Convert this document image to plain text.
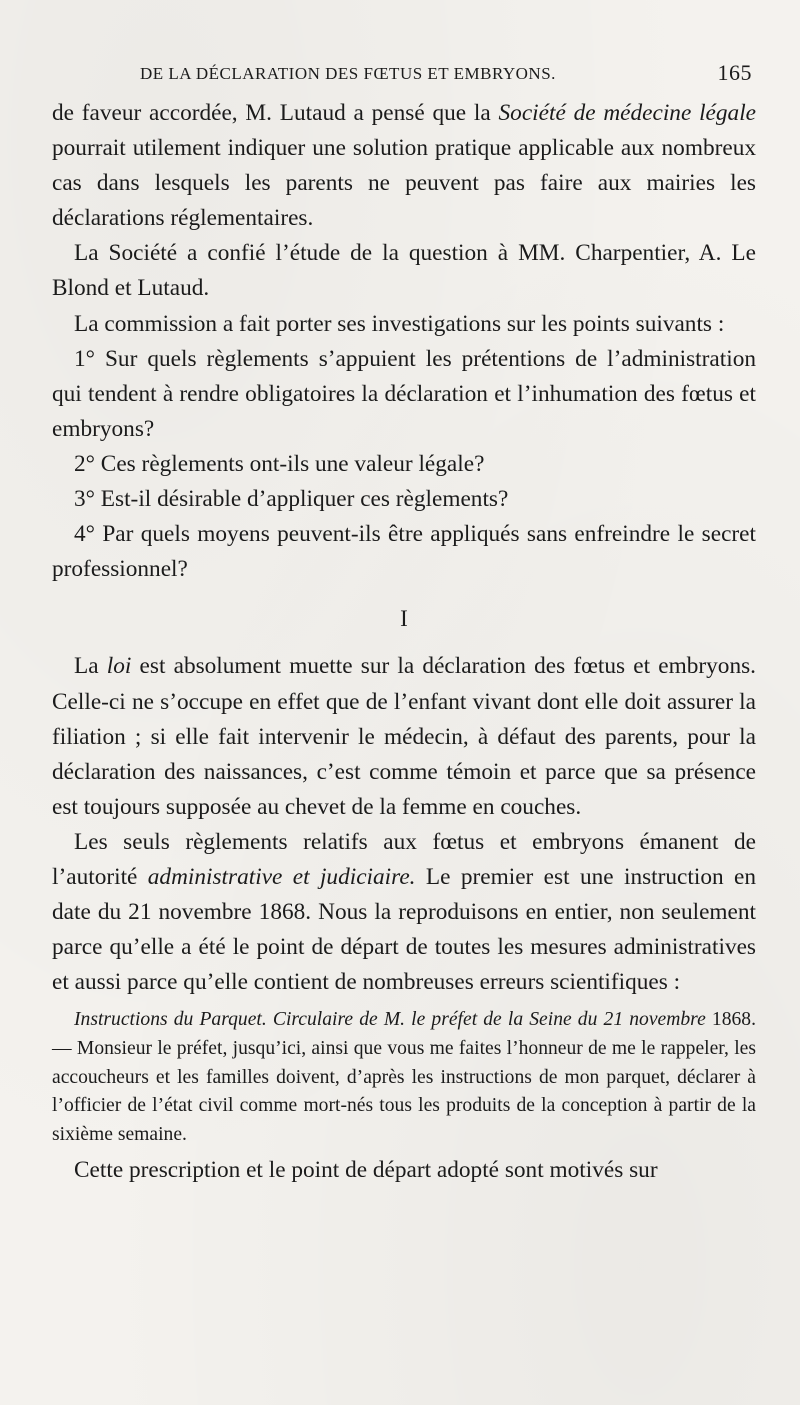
DE LA DÉCLARATION DES FŒTUS ET EMBRYONS.	165

de faveur accordée, M. Lutaud a pensé que la Société de médecine légale pourrait utilement indiquer une solution pratique applicable aux nombreux cas dans lesquels les parents ne peuvent pas faire aux mairies les déclarations réglementaires.

La Société a confié l’étude de la question à MM. Charpentier, A. Le Blond et Lutaud.

La commission a fait porter ses investigations sur les points suivants :

1° Sur quels règlements s’appuient les prétentions de l’administration qui tendent à rendre obligatoires la déclaration et l’inhumation des fœtus et embryons?

2° Ces règlements ont-ils une valeur légale?

3° Est-il désirable d’appliquer ces règlements?

4° Par quels moyens peuvent-ils être appliqués sans enfreindre le secret professionnel?

I

La loi est absolument muette sur la déclaration des fœtus et embryons. Celle-ci ne s’occupe en effet que de l’enfant vivant dont elle doit assurer la filiation ; si elle fait intervenir le médecin, à défaut des parents, pour la déclaration des naissances, c’est comme témoin et parce que sa présence est toujours supposée au chevet de la femme en couches.

Les seuls règlements relatifs aux fœtus et embryons émanent de l’autorité administrative et judiciaire. Le premier est une instruction en date du 21 novembre 1868. Nous la reproduisons en entier, non seulement parce qu’elle a été le point de départ de toutes les mesures administratives et aussi parce qu’elle contient de nombreuses erreurs scientifiques :

Instructions du Parquet. Circulaire de M. le préfet de la Seine du 21 novembre 1868. — Monsieur le préfet, jusqu’ici, ainsi que vous me faites l’honneur de me le rappeler, les accoucheurs et les familles doivent, d’après les instructions de mon parquet, déclarer à l’officier de l’état civil comme mort-nés tous les produits de la conception à partir de la sixième semaine.

Cette prescription et le point de départ adopté sont motivés sur
